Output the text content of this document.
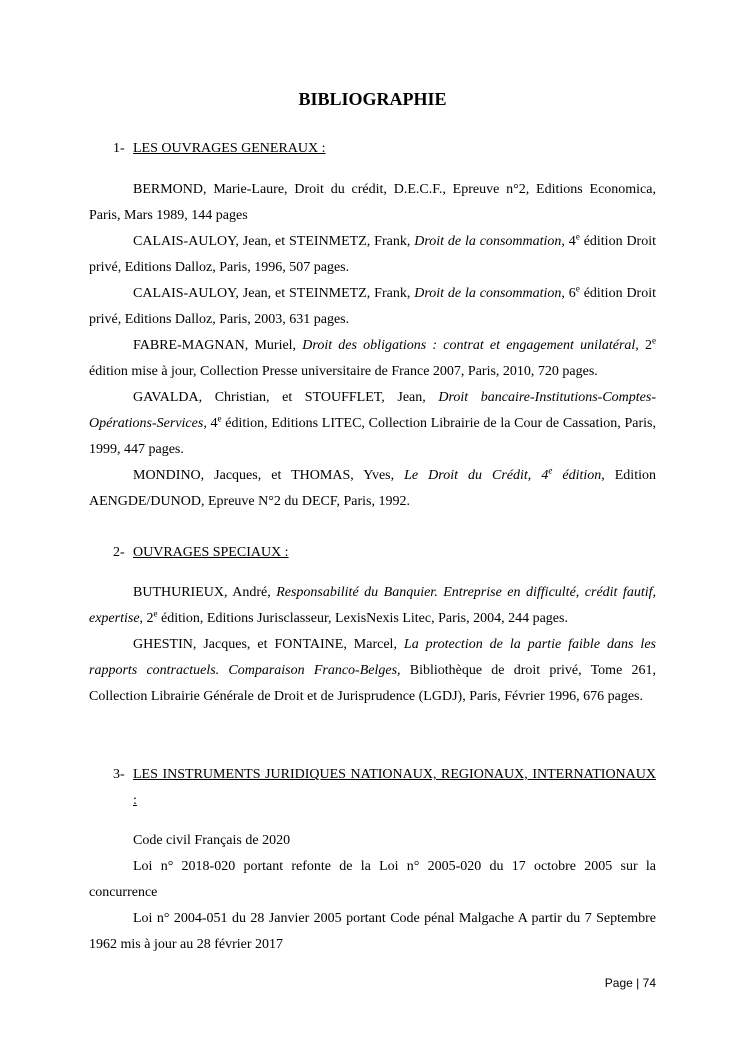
BIBLIOGRAPHIE
1- LES OUVRAGES GENERAUX :
BERMOND, Marie-Laure, Droit du crédit, D.E.C.F., Epreuve n°2, Editions Economica, Paris, Mars 1989, 144 pages
CALAIS-AULOY, Jean, et STEINMETZ, Frank, Droit de la consommation, 4e édition Droit privé, Editions Dalloz, Paris, 1996, 507 pages.
CALAIS-AULOY, Jean, et STEINMETZ, Frank, Droit de la consommation, 6e édition Droit privé, Editions Dalloz, Paris, 2003, 631 pages.
FABRE-MAGNAN, Muriel, Droit des obligations : contrat et engagement unilatéral, 2e édition mise à jour, Collection Presse universitaire de France 2007, Paris, 2010, 720 pages.
GAVALDA, Christian, et STOUFFLET, Jean, Droit bancaire-Institutions-Comptes-Opérations-Services, 4e édition, Editions LITEC, Collection Librairie de la Cour de Cassation, Paris, 1999, 447 pages.
MONDINO, Jacques, et THOMAS, Yves, Le Droit du Crédit, 4e édition, Edition AENGDE/DUNOD, Epreuve N°2 du DECF, Paris, 1992.
2- OUVRAGES SPECIAUX :
BUTHURIEUX, André, Responsabilité du Banquier. Entreprise en difficulté, crédit fautif, expertise, 2e édition, Editions Jurisclasseur, LexisNexis Litec, Paris, 2004, 244 pages.
GHESTIN, Jacques, et FONTAINE, Marcel, La protection de la partie faible dans les rapports contractuels. Comparaison Franco-Belges, Bibliothèque de droit privé, Tome 261, Collection Librairie Générale de Droit et de Jurisprudence (LGDJ), Paris, Février 1996, 676 pages.
3- LES INSTRUMENTS JURIDIQUES NATIONAUX, REGIONAUX, INTERNATIONAUX :
Code civil Français de 2020
Loi n° 2018-020 portant refonte de la Loi n° 2005-020 du 17 octobre 2005 sur la concurrence
Loi n° 2004-051 du 28 Janvier 2005 portant Code pénal Malgache A partir du 7 Septembre 1962 mis à jour au 28 février 2017
Page | 74
